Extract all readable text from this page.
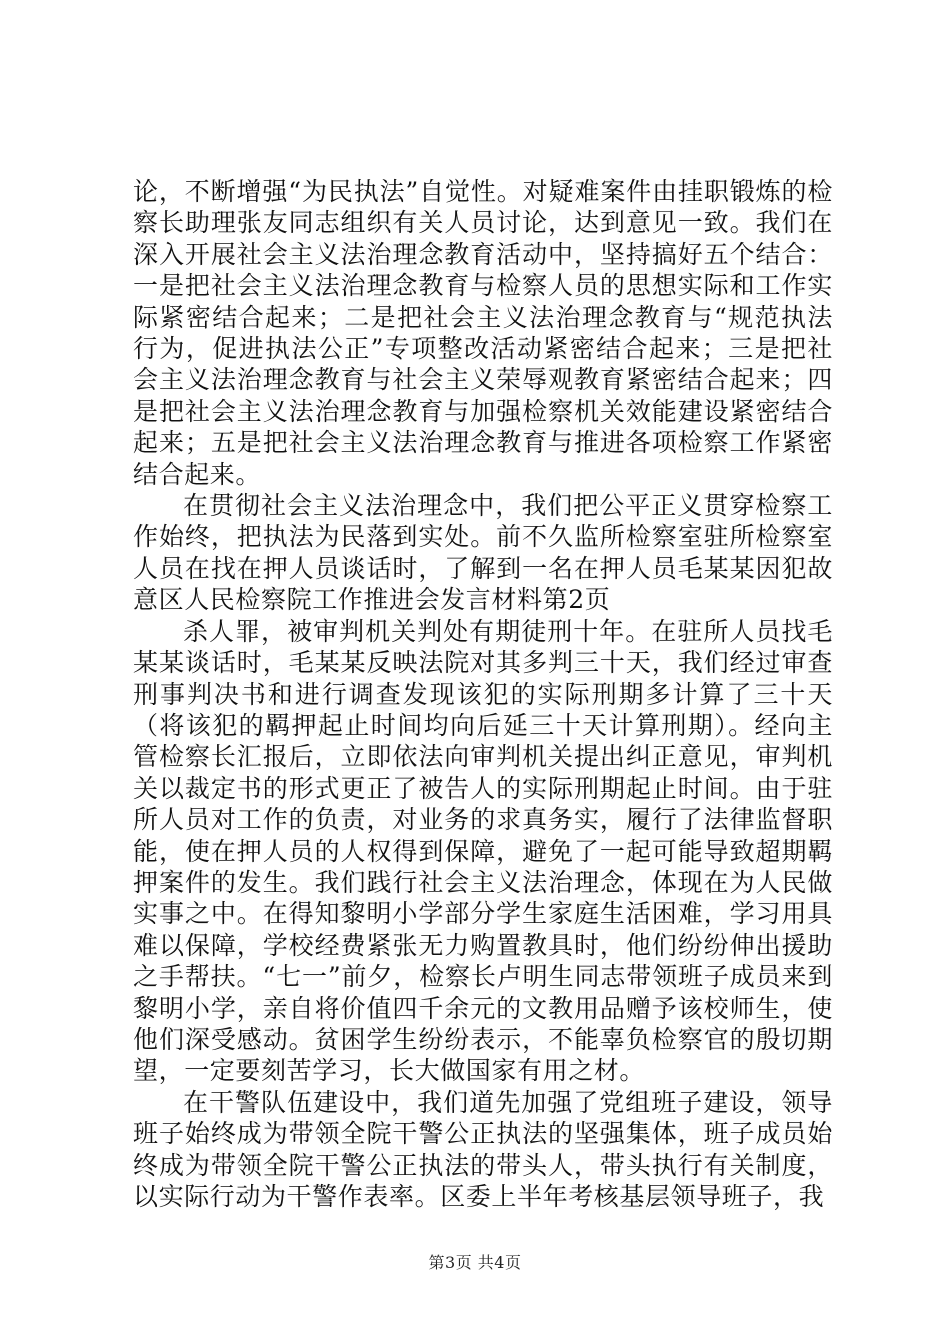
论，不断增强“为民执法”自觉性。对疑难案件由挂职锻炼的检察长助理张友同志组织有关人员讨论，达到意见一致。我们在深入开展社会主义法治理念教育活动中，坚持搞好五个结合：一是把社会主义法治理念教育与检察人员的思想实际和工作实际紧密结合起来；二是把社会主义法治理念教育与“规范执法行为，促进执法公正”专项整改活动紧密结合起来；三是把社会主义法治理念教育与社会主义荣辱观教育紧密结合起来；四是把社会主义法治理念教育与加强检察机关效能建设紧密结合起来；五是把社会主义法治理念教育与推进各项检察工作紧密结合起来。

在贯彻社会主义法治理念中，我们把公平正义贯穿检察工作始终，把执法为民落到实处。前不久监所检察室驻所检察室人员在找在押人员谈话时，了解到一名在押人员毛某某因犯故意区人民检察院工作推进会发言材料第2页

杀人罪，被审判机关判处有期徒刑十年。在驻所人员找毛某某谈话时，毛某某反映法院对其多判三十天，我们经过审查刑事判决书和进行调查发现该犯的实际刑期多计算了三十天（将该犯的羁押起止时间均向后延三十天计算刑期）。经向主管检察长汇报后，立即依法向审判机关提出纠正意见，审判机关以裁定书的形式更正了被告人的实际刑期起止时间。由于驻所人员对工作的负责，对业务的求真务实，履行了法律监督职能，使在押人员的人权得到保障，避免了一起可能导致超期羁押案件的发生。我们践行社会主义法治理念，体现在为人民做实事之中。在得知黎明小学部分学生家庭生活困难，学习用具难以保障，学校经费紧张无力购置教具时，他们纷纷伸出援助之手帮扶。“七一”前夕，检察长卢明生同志带领班子成员来到黎明小学，亲自将价值四千余元的文教用品赠予该校师生，使他们深受感动。贫困学生纷纷表示，不能辜负检察官的殷切期望，一定要刻苦学习，长大做国家有用之材。

在干警队伍建设中，我们道先加强了党组班子建设，领导班子始终成为带领全院干警公正执法的坚强集体，班子成员始终成为带领全院干警公正执法的带头人，带头执行有关制度，以实际行动为干警作表率。区委上半年考核基层领导班子，我

第3页 共4页
